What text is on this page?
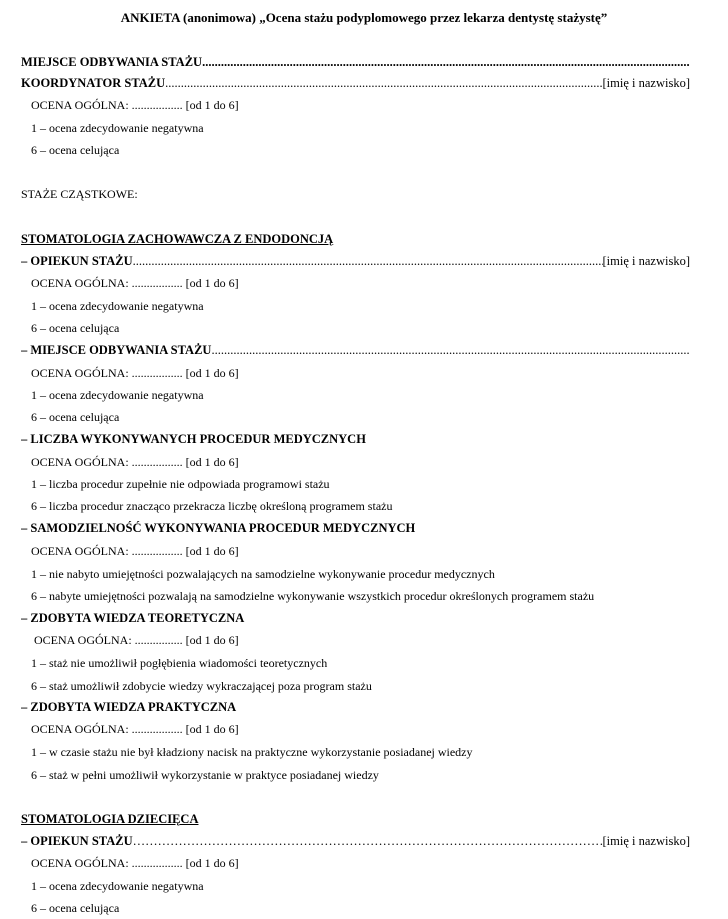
ANKIETA (anonimowa) „Ocena stażu podyplomowego przez lekarza dentystę stażystę”
MIEJSCE ODBYWANIA STAŻU
.....
KOORDYNATOR STAŻU .....	[imię i nazwisko]
OCENA OGÓLNA: ................. [od 1 do 6]
1 – ocena zdecydowanie negatywna
6 – ocena celująca
STAŻE CZĄSTKOWE:
STOMATOLOGIA ZACHOWAWCZA Z ENDODONCJĄ
– OPIEKUN STAŻU .....	[imię i nazwisko]
OCENA OGÓLNA: ................. [od 1 do 6]
1 – ocena zdecydowanie negatywna
6 – ocena celująca
– MIEJSCE ODBYWANIA STAŻU
.....
OCENA OGÓLNA: ................. [od 1 do 6]
1 – ocena zdecydowanie negatywna
6 – ocena celująca
– LICZBA WYKONYWANYCH PROCEDUR MEDYCZNYCH
OCENA OGÓLNA: ................. [od 1 do 6]
1 – liczba procedur zupełnie nie odpowiada programowi stażu
6 – liczba procedur znacząco przekracza liczbę określoną programem stażu
– SAMODZIELNOŚĆ WYKONYWANIA PROCEDUR MEDYCZNYCH
OCENA OGÓLNA: ................. [od 1 do 6]
1 – nie nabyto umiejętności pozwalających na samodzielne wykonywanie procedur medycznych
6 – nabyte umiejętności pozwalają na samodzielne wykonywanie wszystkich procedur określonych programem stażu
– ZDOBYTA WIEDZA TEORETYCZNA
OCENA OGÓLNA: ................ [od 1 do 6]
1 – staż nie umożliwił pogłębienia wiadomości teoretycznych
6 – staż umożliwił zdobycie wiedzy wykraczającej poza program stażu
– ZDOBYTA WIEDZA PRAKTYCZNA
OCENA OGÓLNA: ................. [od 1 do 6]
1 – w czasie stażu nie był kładziony nacisk na praktyczne wykorzystanie posiadanej wiedzy
6 – staż w pełni umożliwił wykorzystanie w praktyce posiadanej wiedzy
STOMATOLOGIA DZIECIĘCA
– OPIEKUN STAŻU ……………………………………………………………………………………………………………………………………………………………………	[imię i nazwisko]
OCENA OGÓLNA: ................. [od 1 do 6]
1 – ocena zdecydowanie negatywna
6 – ocena celująca
